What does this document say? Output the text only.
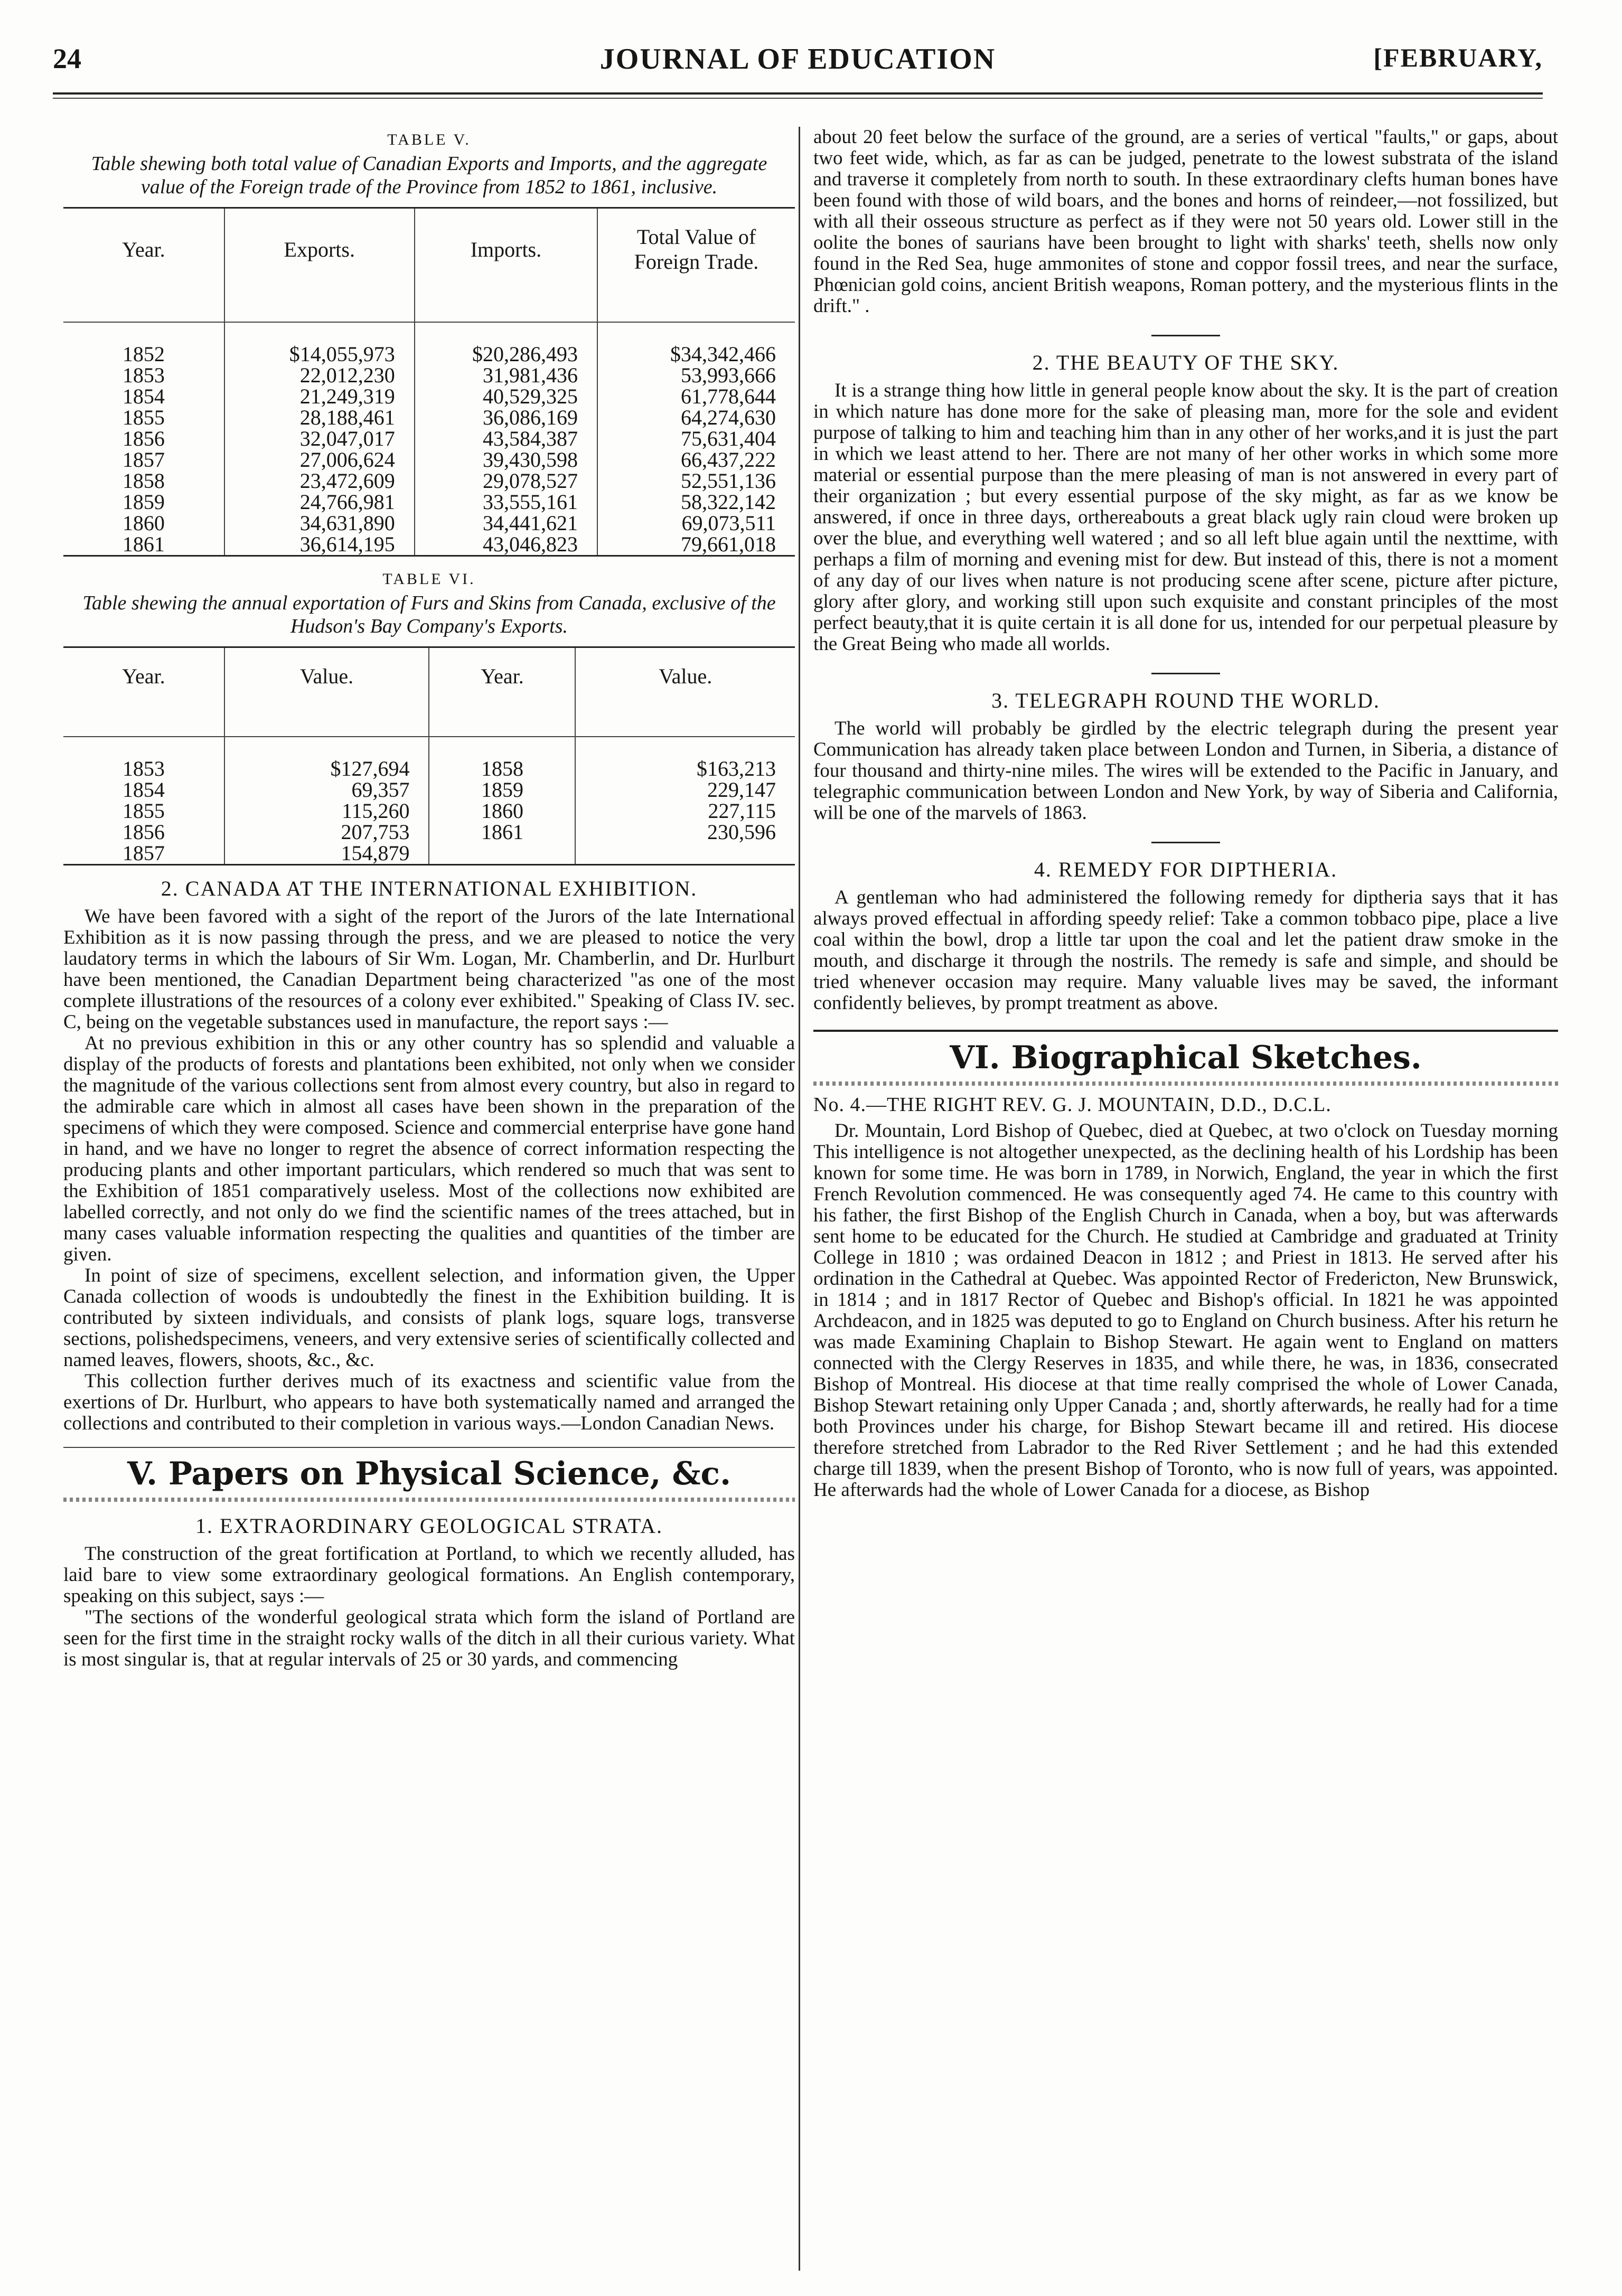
24	JOURNAL OF EDUCATION	[FEBRUARY,
TABLE V.
Table shewing both total value of Canadian Exports and Imports, and the aggregate value of the Foreign trade of the Province from 1852 to 1861, inclusive.
Year.	Exports.	Imports.	Total Value of Foreign Trade.
1852	$14,055,973	$20,286,493	$34,342,466
1853	22,012,230	31,981,436	53,993,666
1854	21,249,319	40,529,325	61,778,644
1855	28,188,461	36,086,169	64,274,630
1856	32,047,017	43,584,387	75,631,404
1857	27,006,624	39,430,598	66,437,222
1858	23,472,609	29,078,527	52,551,136
1859	24,766,981	33,555,161	58,322,142
1860	34,631,890	34,441,621	69,073,511
1861	36,614,195	43,046,823	79,661,018
TABLE VI.
Table shewing the annual exportation of Furs and Skins from Canada, exclusive of the Hudson's Bay Company's Exports.
Year.	Value.	Year.	Value.
1853	$127,694	1858	$163,213
1854	69,357	1859	229,147
1855	115,260	1860	227,115
1856	207,753	1861	230,596
1857	154,879		
2. CANADA AT THE INTERNATIONAL EXHIBITION.

We have been favored with a sight of the report of the Jurors of the late International Exhibition as it is now passing through the press, and we are pleased to notice the very laudatory terms in which the labours of Sir Wm. Logan, Mr. Chamberlin, and Dr. Hurlburt have been mentioned, the Canadian Department being characterized "as one of the most complete illustrations of the resources of a colony ever exhibited." Speaking of Class IV. sec. C, being on the vegetable substances used in manufacture, the report says :—

At no previous exhibition in this or any other country has so splendid and valuable a display of the products of forests and plantations been exhibited, not only when we consider the magnitude of the various collections sent from almost every country, but also in regard to the admirable care which in almost all cases have been shown in the preparation of the specimens of which they were composed. Science and commercial enterprise have gone hand in hand, and we have no longer to regret the absence of correct information respecting the producing plants and other important particulars, which rendered so much that was sent to the Exhibition of 1851 comparatively useless. Most of the collections now exhibited are labelled correctly, and not only do we find the scientific names of the trees attached, but in many cases valuable information respecting the qualities and quantities of the timber are given.

In point of size of specimens, excellent selection, and information given, the Upper Canada collection of woods is undoubtedly the finest in the Exhibition building. It is contributed by sixteen individuals, and consists of plank logs, square logs, transverse sections, polishedspecimens, veneers, and very extensive series of scientifically collected and named leaves, flowers, shoots, &c., &c.

This collection further derives much of its exactness and scientific value from the exertions of Dr. Hurlburt, who appears to have both systematically named and arranged the collections and contributed to their completion in various ways.—London Canadian News.

V. Papers on Physical Science, &c.
1. EXTRAORDINARY GEOLOGICAL STRATA.

The construction of the great fortification at Portland, to which we recently alluded, has laid bare to view some extraordinary geological formations. An English contemporary, speaking on this subject, says :—

"The sections of the wonderful geological strata which form the island of Portland are seen for the first time in the straight rocky walls of the ditch in all their curious variety. What is most singular is, that at regular intervals of 25 or 30 yards, and commencing

about 20 feet below the surface of the ground, are a series of vertical "faults," or gaps, about two feet wide, which, as far as can be judged, penetrate to the lowest substrata of the island and traverse it completely from north to south. In these extraordinary clefts human bones have been found with those of wild boars, and the bones and horns of reindeer,—not fossilized, but with all their osseous structure as perfect as if they were not 50 years old. Lower still in the oolite the bones of saurians have been brought to light with sharks' teeth, shells now only found in the Red Sea, huge ammonites of stone and coppor fossil trees, and near the surface, Phœnician gold coins, ancient British weapons, Roman pottery, and the mysterious flints in the drift." .

2. THE BEAUTY OF THE SKY.

It is a strange thing how little in general people know about the sky. It is the part of creation in which nature has done more for the sake of pleasing man, more for the sole and evident purpose of talking to him and teaching him than in any other of her works,and it is just the part in which we least attend to her. There are not many of her other works in which some more material or essential purpose than the mere pleasing of man is not answered in every part of their organization ; but every essential purpose of the sky might, as far as we know be answered, if once in three days, orthereabouts a great black ugly rain cloud were broken up over the blue, and everything well watered ; and so all left blue again until the nexttime, with perhaps a film of morning and evening mist for dew. But instead of this, there is not a moment of any day of our lives when nature is not producing scene after scene, picture after picture, glory after glory, and working still upon such exquisite and constant principles of the most perfect beauty,that it is quite certain it is all done for us, intended for our perpetual pleasure by the Great Being who made all worlds.

3. TELEGRAPH ROUND THE WORLD.

The world will probably be girdled by the electric telegraph during the present year Communication has already taken place between London and Turnen, in Siberia, a distance of four thousand and thirty-nine miles. The wires will be extended to the Pacific in January, and telegraphic communication between London and New York, by way of Siberia and California, will be one of the marvels of 1863.

4. REMEDY FOR DIPTHERIA.

A gentleman who had administered the following remedy for diptheria says that it has always proved effectual in affording speedy relief: Take a common tobbaco pipe, place a live coal within the bowl, drop a little tar upon the coal and let the patient draw smoke in the mouth, and discharge it through the nostrils. The remedy is safe and simple, and should be tried whenever occasion may require. Many valuable lives may be saved, the informant confidently believes, by prompt treatment as above.

VI. Biographical Sketches.
No. 4.—THE RIGHT REV. G. J. MOUNTAIN, D.D., D.C.L.

Dr. Mountain, Lord Bishop of Quebec, died at Quebec, at two o'clock on Tuesday morning This intelligence is not altogether unexpected, as the declining health of his Lordship has been known for some time. He was born in 1789, in Norwich, England, the year in which the first French Revolution commenced. He was consequently aged 74. He came to this country with his father, the first Bishop of the English Church in Canada, when a boy, but was afterwards sent home to be educated for the Church. He studied at Cambridge and graduated at Trinity College in 1810 ; was ordained Deacon in 1812 ; and Priest in 1813. He served after his ordination in the Cathedral at Quebec. Was appointed Rector of Fredericton, New Brunswick, in 1814 ; and in 1817 Rector of Quebec and Bishop's official. In 1821 he was appointed Archdeacon, and in 1825 was deputed to go to England on Church business. After his return he was made Examining Chaplain to Bishop Stewart. He again went to England on matters connected with the Clergy Reserves in 1835, and while there, he was, in 1836, consecrated Bishop of Montreal. His diocese at that time really comprised the whole of Lower Canada, Bishop Stewart retaining only Upper Canada ; and, shortly afterwards, he really had for a time both Provinces under his charge, for Bishop Stewart became ill and retired. His diocese therefore stretched from Labrador to the Red River Settlement ; and he had this extended charge till 1839, when the present Bishop of Toronto, who is now full of years, was appointed. He afterwards had the whole of Lower Canada for a diocese, as Bishop
